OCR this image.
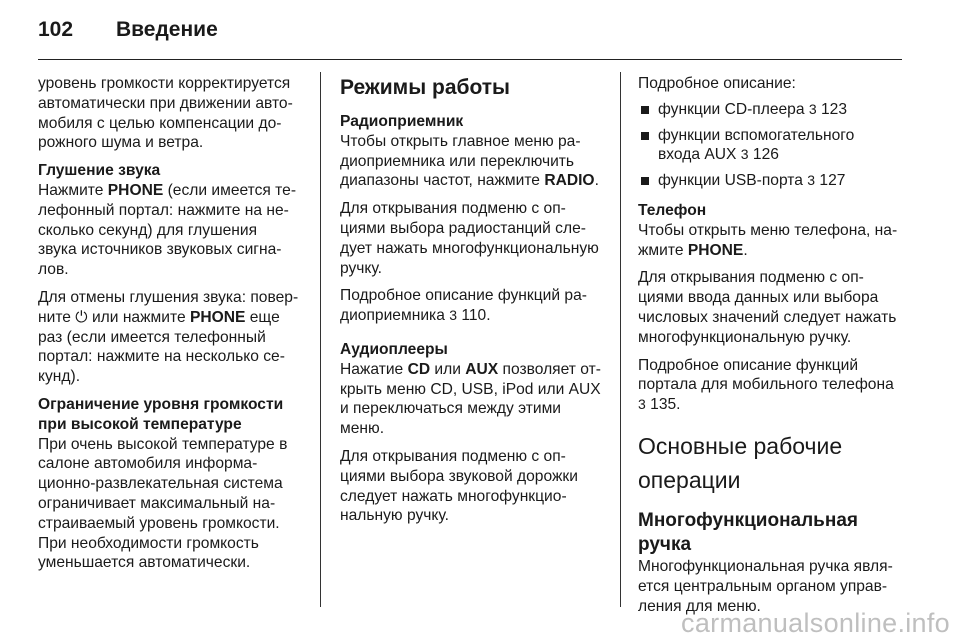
102 Введение

уровень громкости корректируется автоматически при движении автомобиля с целью компенсации дорожного шума и ветра.

Глушение звука

Нажмите PHONE (если имеется телефонный портал: нажмите на несколько секунд) для глушения звука источников звуковых сигналов.

Для отмены глушения звука: поверните ⏻ или нажмите PHONE еще раз (если имеется телефонный портал: нажмите на несколько секунд).

Ограничение уровня громкости при высокой температуре

При очень высокой температуре в салоне автомобиля информационно-развлекательная система ограничивает максимальный настраиваемый уровень громкости. При необходимости громкость уменьшается автоматически.

Режимы работы
Радиоприемник

Чтобы открыть главное меню радиоприемника или переключить диапазоны частот, нажмите RADIO.

Для открывания подменю с опциями выбора радиостанций следует нажать многофункциональную ручку.

Подробное описание функций радиоприемника 3 110.

Аудиоплееры

Нажатие CD или AUX позволяет открыть меню CD, USB, iPod или AUX и переключаться между этими меню.

Для открывания подменю с опциями выбора звуковой дорожки следует нажать многофункциональную ручку.

Подробное описание:

функции CD-плеера 3 123
функции вспомогательного входа AUX 3 126
функции USB-порта 3 127
Телефон

Чтобы открыть меню телефона, нажмите PHONE.

Для открывания подменю с опциями ввода данных или выбора числовых значений следует нажать многофункциональную ручку.

Подробное описание функций портала для мобильного телефона 3 135.

Основные рабочие операции
Многофункциональная ручка

Многофункциональная ручка является центральным органом управления для меню.

carmanualsonline.info
